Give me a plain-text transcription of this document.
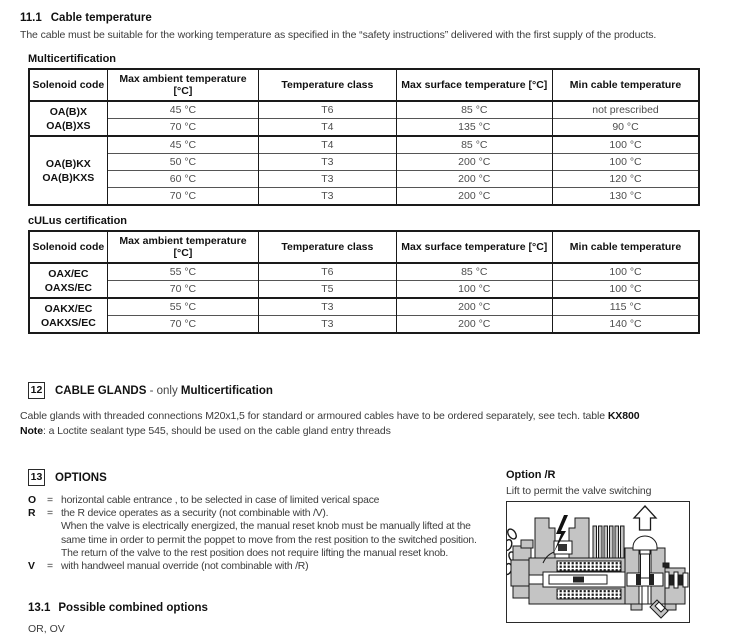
11.1 Cable temperature

The cable must be suitable for the working temperature as specified in the “safety instructions” delivered with the first supply of the products.

Multicertification
Solenoid code	Max ambient temperature [°C]	Temperature class	Max surface temperature [°C]	Min cable temperature

OA(B)X
OA(B)XS	45 °C	T6	85 °C	not prescribed
	70 °C	T4	135 °C	90 °C

OA(B)KX
OA(B)KXS	45 °C	T4	85 °C	100 °C
	50 °C	T3	200 °C	100 °C
	60 °C	T3	200 °C	120 °C
	70 °C	T3	200 °C	130 °C
cULus certification
Solenoid code	Max ambient temperature [°C]	Temperature class	Max surface temperature [°C]	Min cable temperature

OAX/EC
OAXS/EC	55 °C	T6	85 °C	100 °C
	70 °C	T5	100 °C	100 °C

OAKX/EC
OAKXS/EC	55 °C	T3	200 °C	115 °C
	70 °C	T3	200 °C	140 °C
12 CABLE GLANDS - only Multicertification

Cable glands with threaded connections M20x1,5 for standard or armoured cables have to be ordered separately, see tech. table KX800

Note: a Loctite sealant type 545, should be used on the cable gland entry threads

13 OPTIONS
O	= horizontal cable entrance , to be selected in case of limited verical space
R	= the R device operates as a security (not combinable with /V).
When the valve is electrically energized, the manual reset knob must be manually lifted at the
same time in order to permit the poppet to move from the rest position to the switched position.
The return of the valve to the rest position does not require lifting the manual reset knob.
V	= with handweel manual override (not combinable with /R)
13.1 Possible combined options
OR, OV
Option /R
Lift to permit the valve switching
